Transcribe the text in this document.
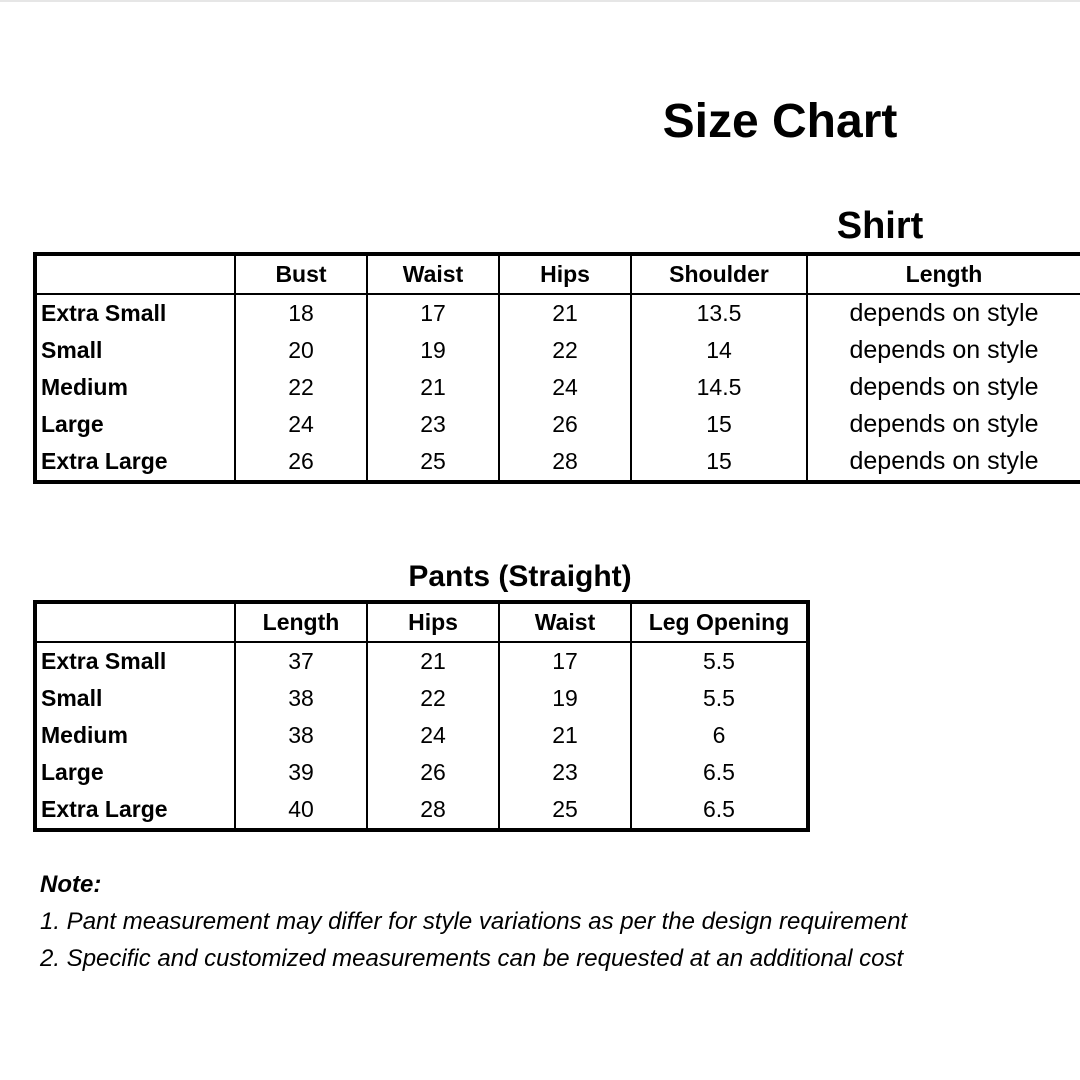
Size Chart
Shirt
	Bust	Waist	Hips	Shoulder	Length
Extra Small	18	17	21	13.5	depends on style
Small	20	19	22	14	depends on style
Medium	22	21	24	14.5	depends on style
Large	24	23	26	15	depends on style
Extra Large	26	25	28	15	depends on style
Pants (Straight)
	Length	Hips	Waist	Leg Opening
Extra Small	37	21	17	5.5
Small	38	22	19	5.5
Medium	38	24	21	6
Large	39	26	23	6.5
Extra Large	40	28	25	6.5
Note:
1. Pant measurement may differ for style variations as per the design requirement
2. Specific and customized measurements can be requested at an additional cost
